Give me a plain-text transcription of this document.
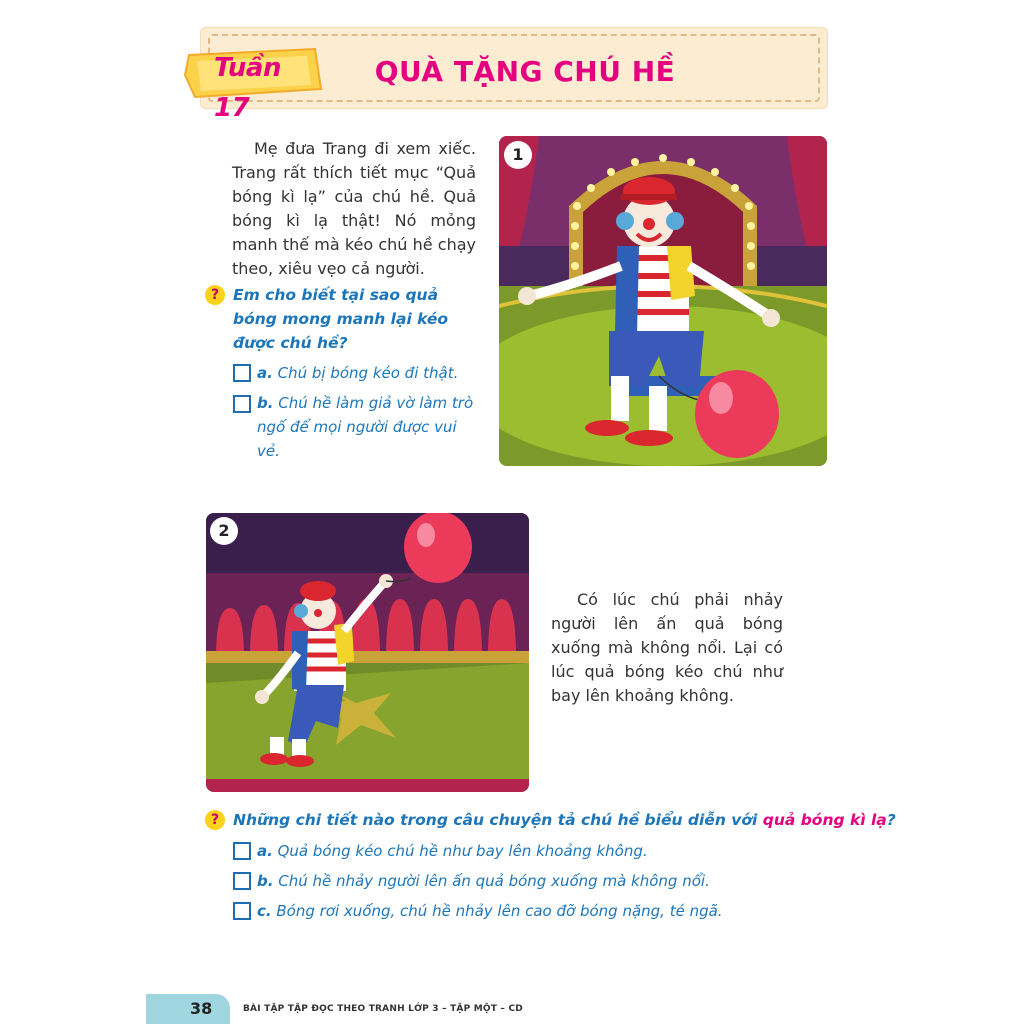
Tuần 17
QUÀ TẶNG CHÚ HỀ
Mẹ đưa Trang đi xem xiếc. Trang rất thích tiết mục “Quả bóng kì lạ” của chú hề. Quả bóng kì lạ thật! Nó mỏng manh thế mà kéo chú hề chạy theo, xiêu vẹo cả người.
? Em cho biết tại sao quả bóng mong manh lại kéo được chú hề?
a. Chú bị bóng kéo đi thật.
b. Chú hề làm giả vờ làm trò ngố để mọi người được vui vẻ.
1
2
Có lúc chú phải nhảy người lên ấn quả bóng xuống mà không nổi. Lại có lúc quả bóng kéo chú như bay lên khoảng không.
? Những chi tiết nào trong câu chuyện tả chú hề biểu diễn với quả bóng kì lạ?
a. Quả bóng kéo chú hề như bay lên khoảng không.
b. Chú hề nhảy người lên ấn quả bóng xuống mà không nổi.
c. Bóng rơi xuống, chú hề nhảy lên cao đỡ bóng nặng, té ngã.
38	BÀI TẬP TẬP ĐỌC THEO TRANH LỚP 3 – TẬP MỘT – CD
